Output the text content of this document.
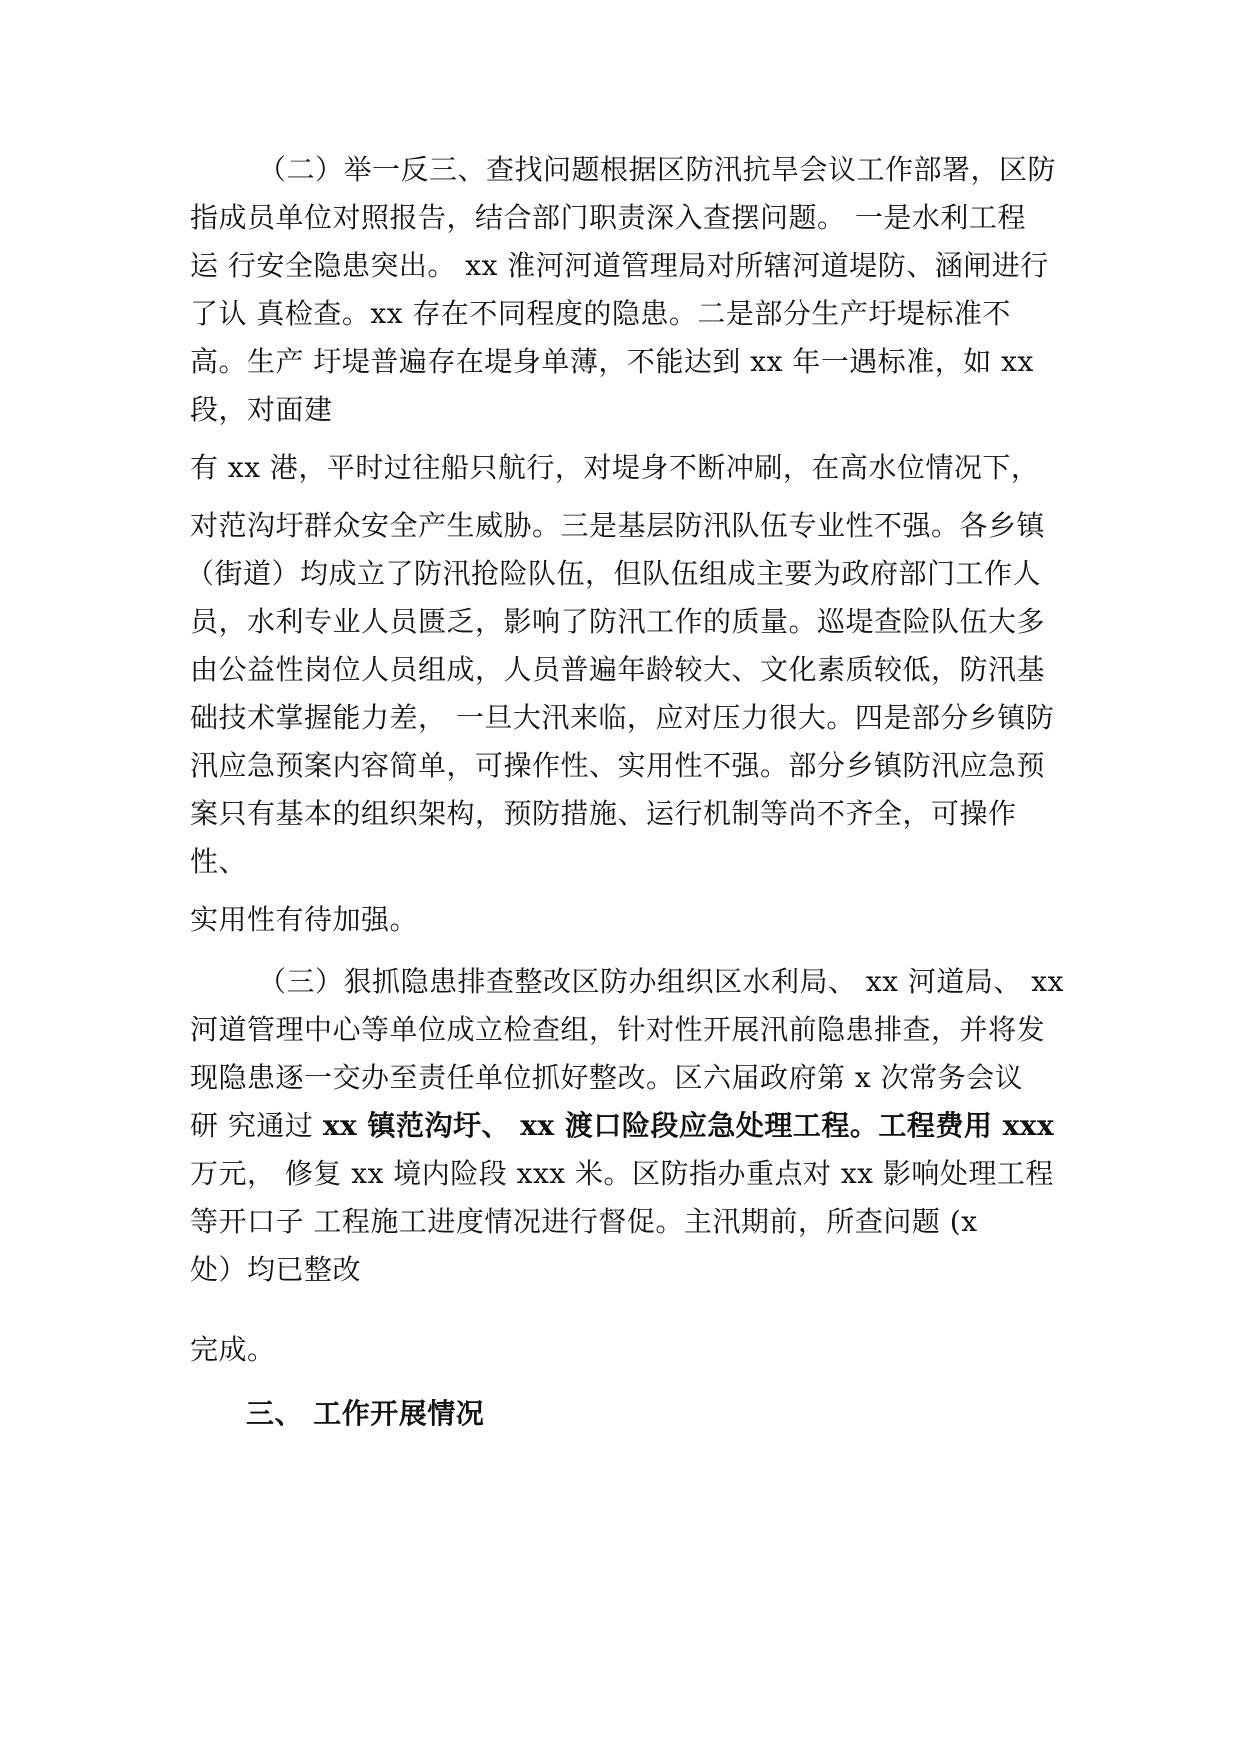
（二）举一反三、查找问题根据区防汛抗旱会议工作部署，区防
指成员单位对照报告，结合部门职责深入查摆问题。 一是水利工程
运 行安全隐患突出。 xx 淮河河道管理局对所辖河道堤防、涵闸进行
了认 真检查。xx 存在不同程度的隐患。二是部分生产圩堤标准不
高。生产 圩堤普遍存在堤身单薄，不能达到 xx 年一遇标准，如 xx
段，对面建
有 xx 港，平时过往船只航行，对堤身不断冲刷，在高水位情况下，
对范沟圩群众安全产生威胁。三是基层防汛队伍专业性不强。各乡镇
（街道）均成立了防汛抢险队伍，但队伍组成主要为政府部门工作人
员，水利专业人员匮乏，影响了防汛工作的质量。巡堤查险队伍大多
由公益性岗位人员组成，人员普遍年龄较大、文化素质较低，防汛基
础技术掌握能力差， 一旦大汛来临，应对压力很大。四是部分乡镇防
汛应急预案内容简单，可操作性、实用性不强。部分乡镇防汛应急预
案只有基本的组织架构，预防措施、运行机制等尚不齐全，可操作
性、
实用性有待加强。
（三）狠抓隐患排查整改区防办组织区水利局、 xx 河道局、 xx
河道管理中心等单位成立检查组，针对性开展汛前隐患排查，并将发
现隐患逐一交办至责任单位抓好整改。区六届政府第 x 次常务会议
研 究通过 xx 镇范沟圩、 xx 渡口险段应急处理工程。工程费用 xxx
万元， 修复 xx 境内险段 xxx 米。区防指办重点对 xx 影响处理工程
等开口子 工程施工进度情况进行督促。主汛期前，所查问题 (x
处）均已整改
完成。
三、 工作开展情况
